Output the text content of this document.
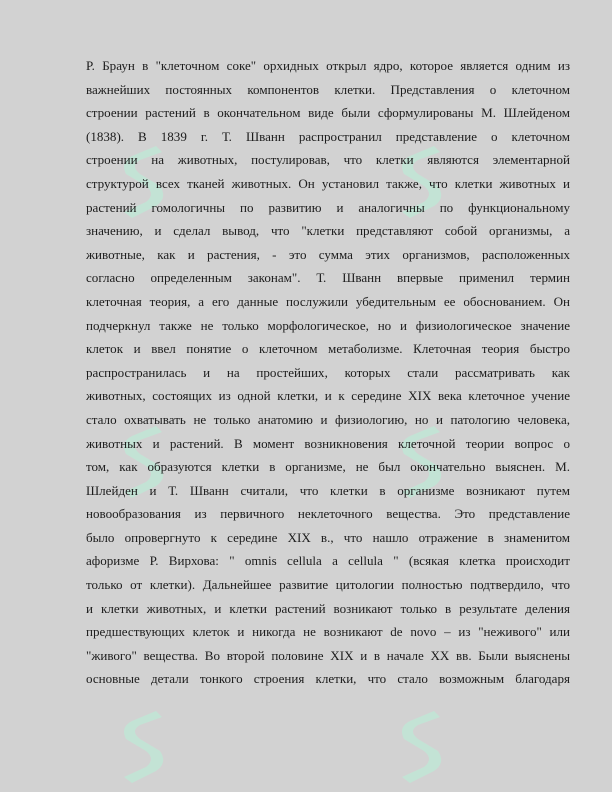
Р. Браун в "клеточном соке" орхидных открыл ядро, которое является одним из
важнейших постоянных компонентов клетки. Представления о клеточном
строении растений в окончательном виде были сформулированы М. Шлейденом
(1838). В 1839 г. Т. Шванн распространил представление о клеточном
строении на животных, постулировав, что клетки являются элементарной
структурой всех тканей животных. Он установил также, что клетки животных и
растений гомологичны по развитию и аналогичны по функциональному
значению, и сделал вывод, что "клетки представляют собой организмы, а
животные, как и растения, - это сумма этих организмов, расположенных
согласно определенным законам". Т. Шванн впервые применил термин
клеточная теория, а его данные послужили убедительным ее обоснованием. Он
подчеркнул также не только морфологическое, но и физиологическое значение
клеток и ввел понятие о клеточном метаболизме. Клеточная теория быстро
распространилась и на простейших, которых стали рассматривать как
животных, состоящих из одной клетки, и к середине XIX века клеточное учение
стало охватывать не только анатомию и физиологию, но и патологию человека,
животных и растений. В момент возникновения клеточной теории вопрос о
том, как образуются клетки в организме, не был окончательно выяснен. М.
Шлейден и Т. Шванн считали, что клетки в организме возникают путем
новообразования из первичного неклеточного вещества. Это представление
было опровергнуто к середине XIX в., что нашло отражение в знаменитом
афоризме Р. Вирхова: " omnis cellula a cellula " (всякая клетка происходит
только от клетки). Дальнейшее развитие цитологии полностью подтвердило, что
и клетки животных, и клетки растений возникают только в результате деления
предшествующих клеток и никогда не возникают de novo – из "неживого" или
"живого" вещества. Во второй половине XIX и в начале XX вв. Были выяснены
основные детали тонкого строения клетки, что стало возможным благодаря
